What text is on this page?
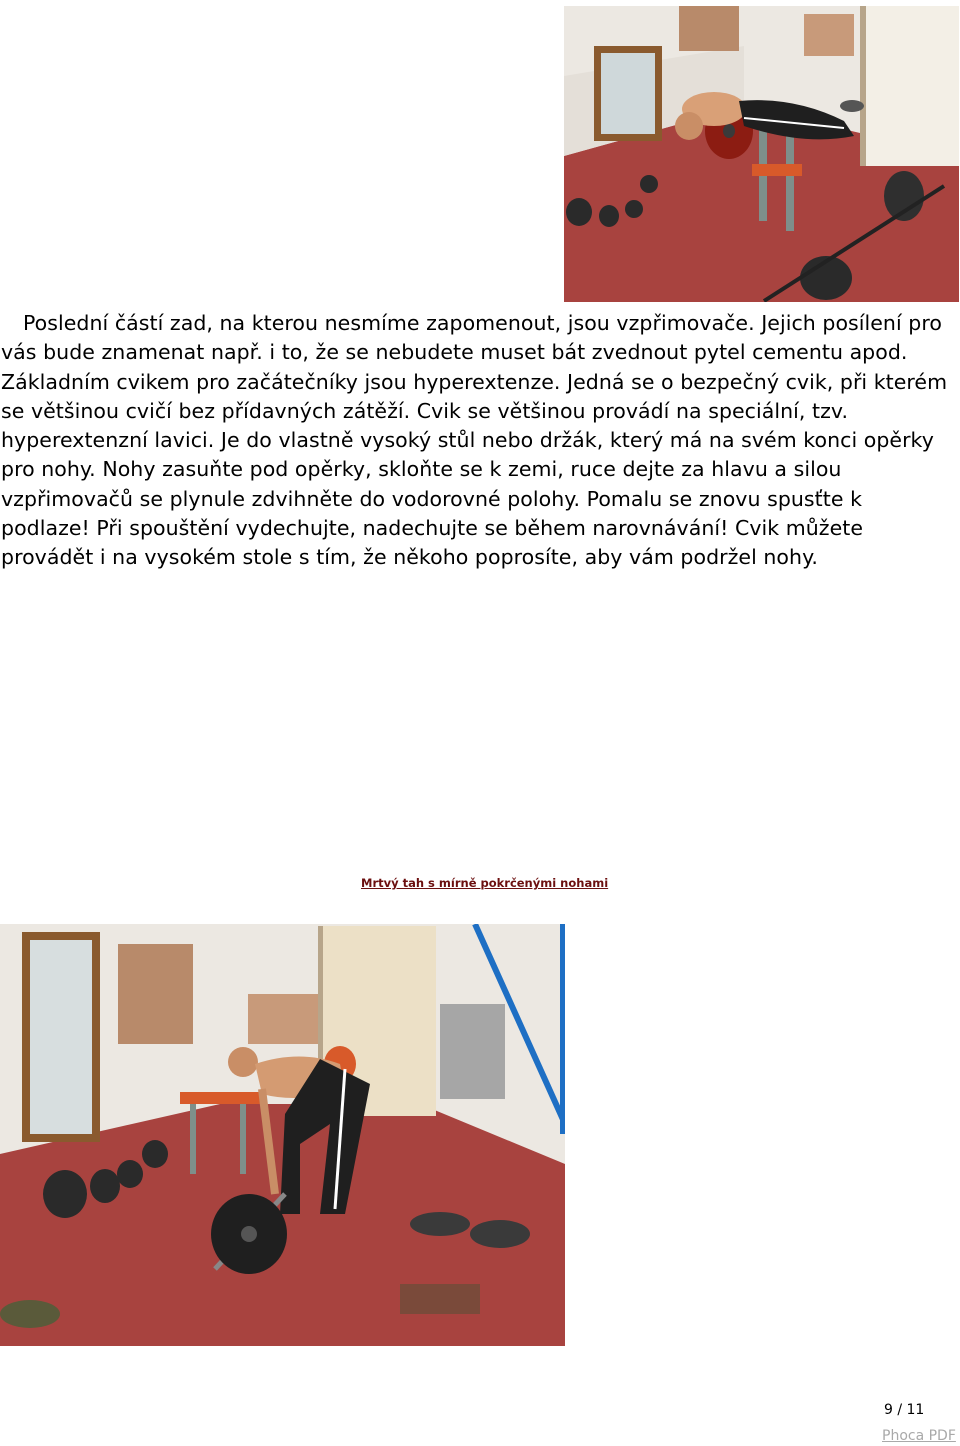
Poslední částí zad, na kterou nesmíme zapomenout, jsou vzpřimovače. Jejich posílení pro vás bude znamenat např. i to, že se nebudete muset bát zvednout pytel cementu apod. Základním cvikem pro začátečníky jsou hyperextenze. Jedná se o bezpečný cvik, při kterém se většinou cvičí bez přídavných zátěží. Cvik se většinou provádí na speciální, tzv. hyperextenzní lavici. Je do vlastně vysoký stůl nebo držák, který má na svém konci opěrky pro nohy. Nohy zasuňte pod opěrky, skloňte se k zemi, ruce dejte za hlavu a silou vzpřimovačů se plynule zdvihněte do vodorovné polohy. Pomalu se znovu spusťte k podlaze! Při spouštění vydechujte, nadechujte se během narovnávání! Cvik můžete provádět i na vysokém stole s tím, že někoho poprosíte, aby vám podržel nohy.

Mrtvý tah s mírně pokrčenými nohami
9 / 11
Phoca PDF
